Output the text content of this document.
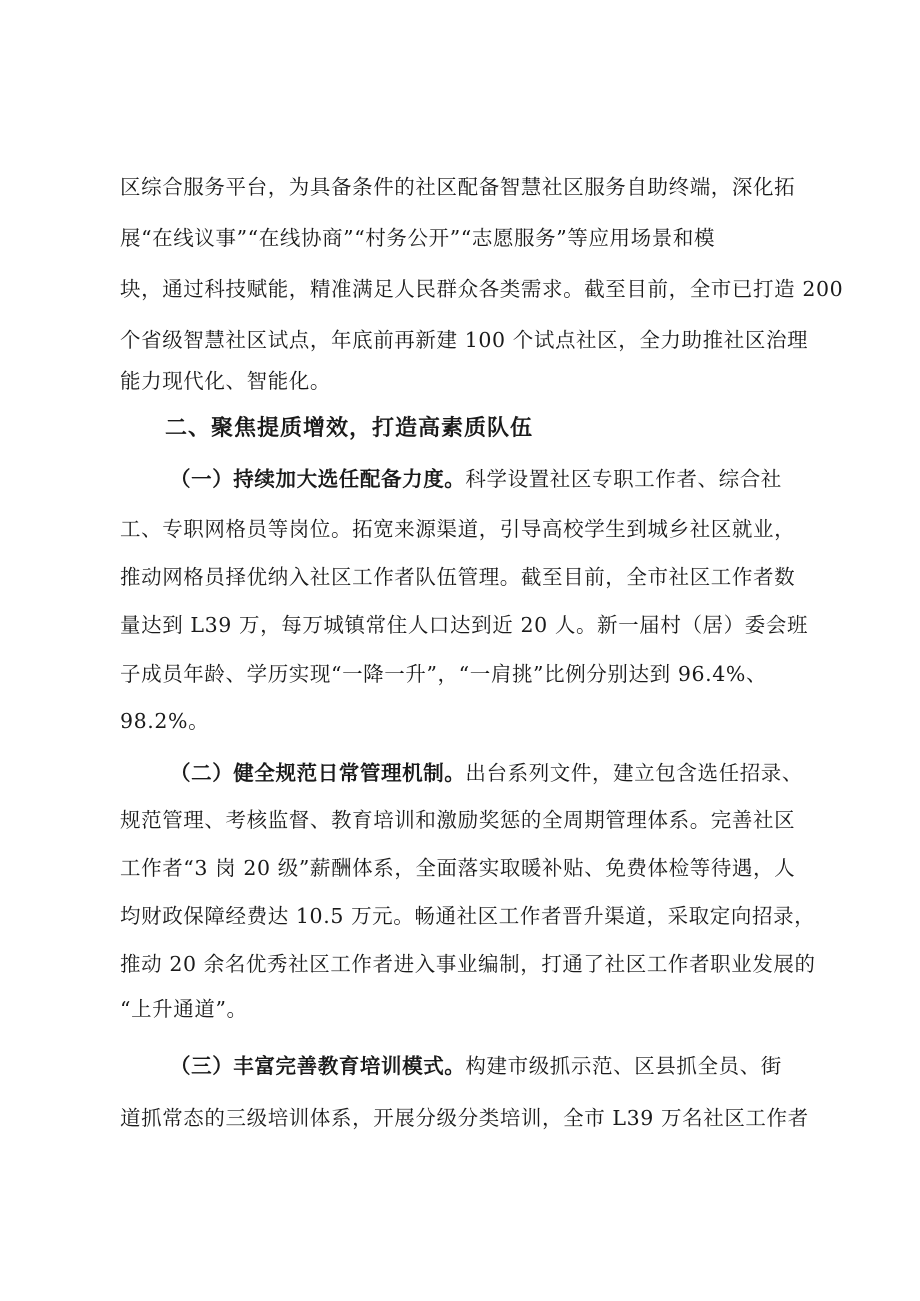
区综合服务平台，为具备条件的社区配备智慧社区服务自助终端，深化拓
展“在线议事”“在线协商”“村务公开”“志愿服务”等应用场景和模
块，通过科技赋能，精准满足人民群众各类需求。截至目前，全市已打造 200
个省级智慧社区试点，年底前再新建 100 个试点社区，全力助推社区治理
能力现代化、智能化。
二、聚焦提质增效，打造高素质队伍
（一）持续加大选任配备力度。科学设置社区专职工作者、综合社
工、专职网格员等岗位。拓宽来源渠道，引导高校学生到城乡社区就业，
推动网格员择优纳入社区工作者队伍管理。截至目前，全市社区工作者数
量达到 L39 万，每万城镇常住人口达到近 20 人。新一届村（居）委会班
子成员年龄、学历实现“一降一升”，“一肩挑”比例分别达到 96.4%、
98.2%。
（二）健全规范日常管理机制。出台系列文件，建立包含选任招录、
规范管理、考核监督、教育培训和激励奖惩的全周期管理体系。完善社区
工作者“3 岗 20 级”薪酬体系，全面落实取暖补贴、免费体检等待遇，人
均财政保障经费达 10.5 万元。畅通社区工作者晋升渠道，采取定向招录，
推动 20 余名优秀社区工作者进入事业编制，打通了社区工作者职业发展的
“上升通道”。
（三）丰富完善教育培训模式。构建市级抓示范、区县抓全员、街
道抓常态的三级培训体系，开展分级分类培训，全市 L39 万名社区工作者
